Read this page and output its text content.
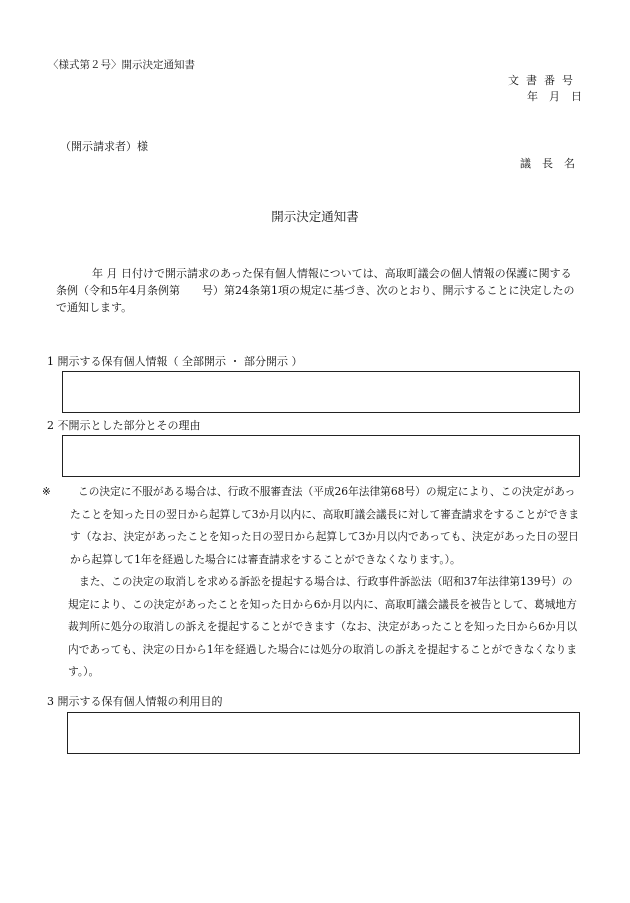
〈様式第２号〉開示決定通知書
文書番号
年　月　日
（開示請求者）様
議　長　名
開示決定通知書
年 月 日付けで開示請求のあった保有個人情報については、高取町議会の個人情報の保護に関する条例（令和5年4月条例第　　号）第24条第1項の規定に基づき、次のとおり、開示することに決定したので通知します。
1 開示する保有個人情報（ 全部開示 ・ 部分開示 ）
2 不開示とした部分とその理由

※	この決定に不服がある場合は、行政不服審査法（平成26年法律第68号）の規定により、この決定があったことを知った日の翌日から起算して3か月以内に、高取町議会議長に対して審査請求をすることができます（なお、決定があったことを知った日の翌日から起算して3か月以内であっても、決定があった日の翌日から起算して1年を経過した場合には審査請求をすることができなくなります。）。

また、この決定の取消しを求める訴訟を提起する場合は、行政事件訴訟法（昭和37年法律第139号）の規定により、この決定があったことを知った日から6か月以内に、高取町議会議長を被告として、葛城地方裁判所に処分の取消しの訴えを提起することができます（なお、決定があったことを知った日から6か月以内であっても、決定の日から1年を経過した場合には処分の取消しの訴えを提起することができなくなります。）。

3 開示する保有個人情報の利用目的
